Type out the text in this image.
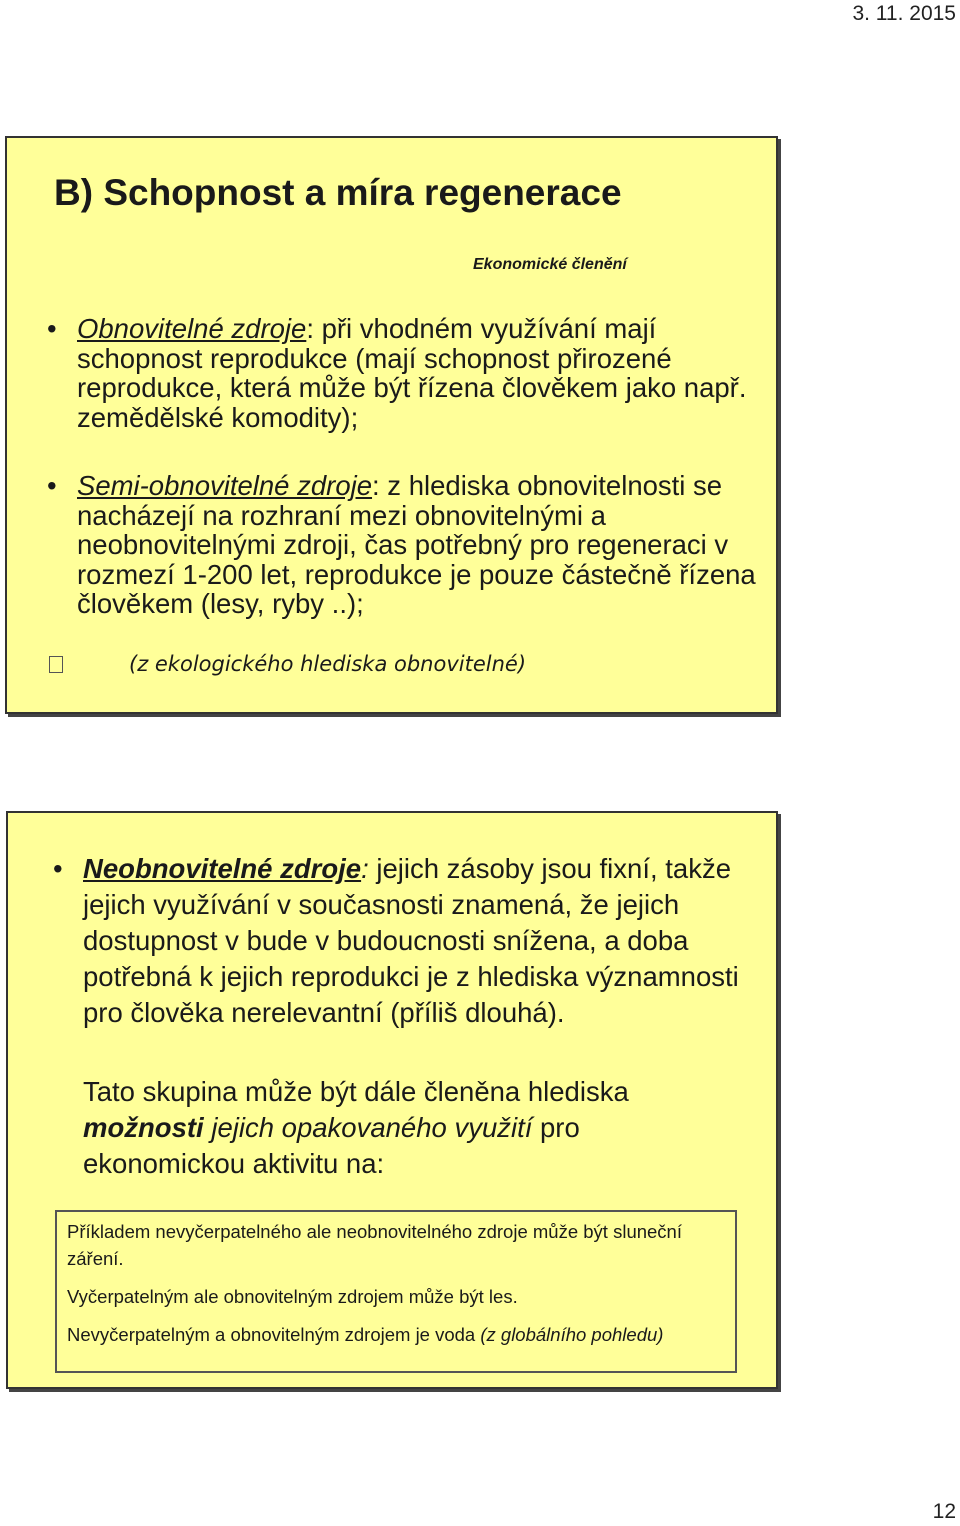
3. 11. 2015
B) Schopnost a míra regenerace
Ekonomické členění
• Obnovitelné zdroje: při vhodném využívání mají schopnost reprodukce (mají schopnost přirozené reprodukce, která může být řízena člověkem jako např. zemědělské komodity);
• Semi-obnovitelné zdroje: z hlediska obnovitelnosti se nacházejí na rozhraní mezi obnovitelnými a neobnovitelnými zdroji, čas potřebný pro regeneraci v rozmezí 1-200 let, reprodukce je pouze částečně řízena člověkem (lesy, ryby ..);
(z ekologického hlediska obnovitelné)
• Neobnovitelné zdroje: jejich zásoby jsou fixní, takže jejich využívání v současnosti znamená, že jejich dostupnost v bude v budoucnosti snížena, a doba potřebná k jejich reprodukci je z hlediska významnosti pro člověka nerelevantní (příliš dlouhá).
Tato skupina může být dále členěna hlediska možnosti jejich opakovaného využití pro ekonomickou aktivitu na:

Příkladem nevyčerpatelného ale neobnovitelného zdroje může být sluneční záření.

Vyčerpatelným ale obnovitelným zdrojem může být les.

Nevyčerpatelným a obnovitelným zdrojem je voda (z globálního pohledu)

12
